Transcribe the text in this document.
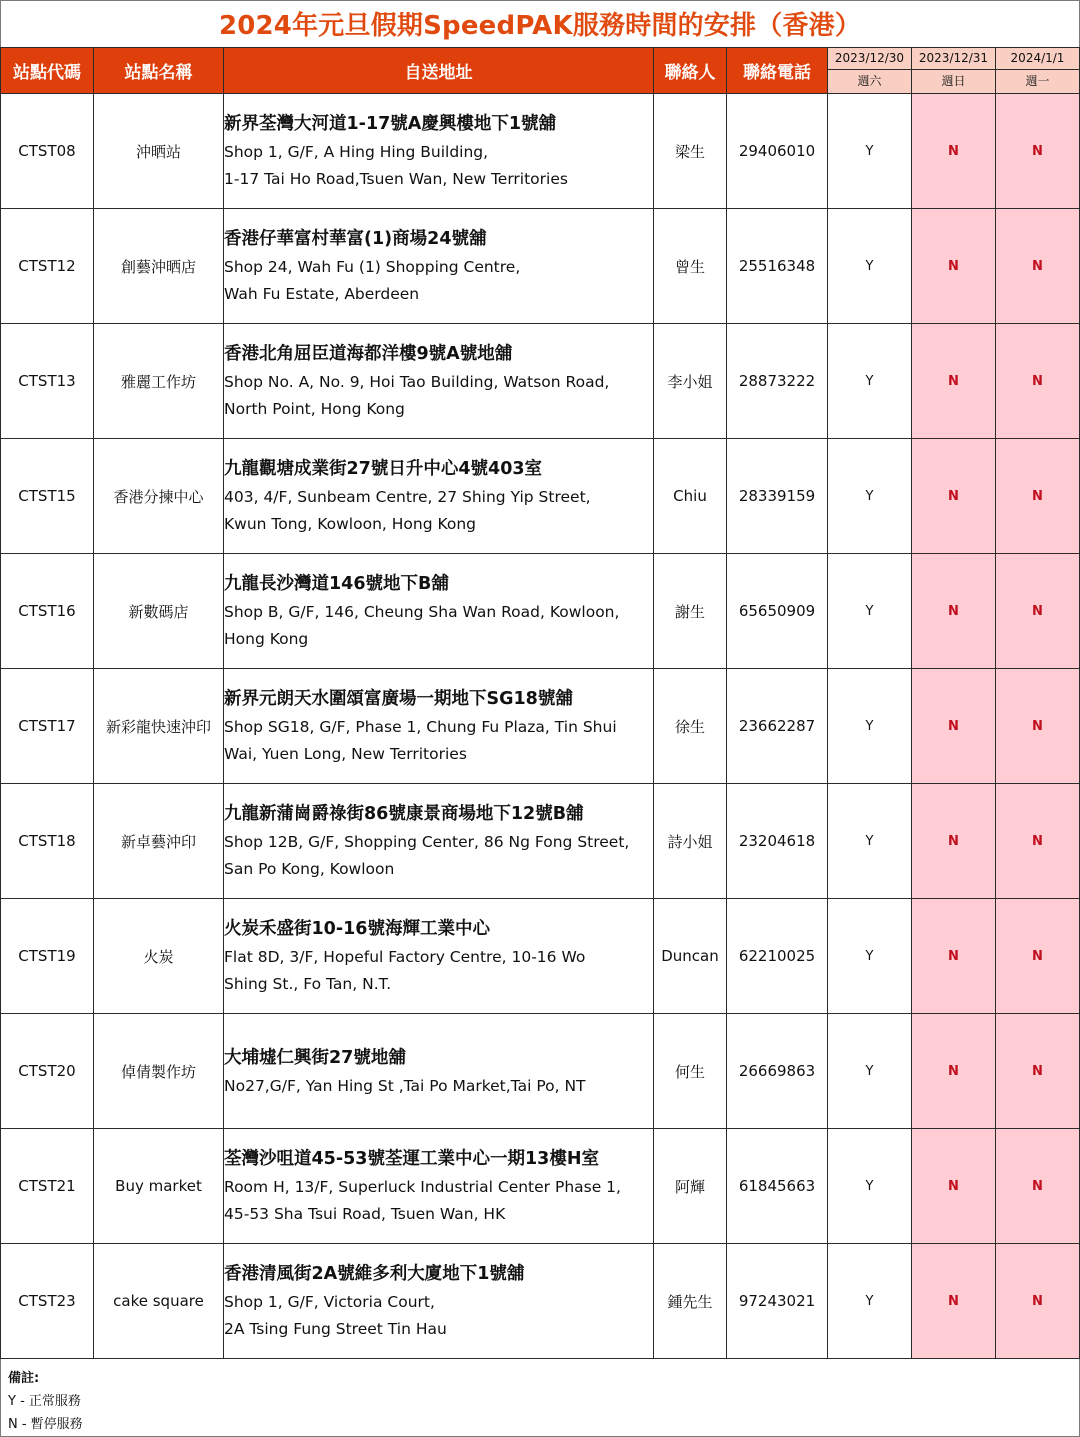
2024年元旦假期SpeedPAK服務時間的安排（香港）
站點代碼	站點名稱	自送地址	聯絡人	聯絡電話	2023/12/30	2023/12/31	2024/1/1
					週六	週日	週一
CTST08	沖晒站	新界荃灣大河道1-17號A慶興樓地下1號舖
Shop 1, G/F, A Hing Hing Building,
1-17 Tai Ho Road,Tsuen Wan, New Territories	梁生	29406010	Y	N	N
CTST12	創藝沖晒店	香港仔華富村華富(1)商場24號舖
Shop 24, Wah Fu (1) Shopping Centre,
Wah Fu Estate, Aberdeen	曾生	25516348	Y	N	N
CTST13	雅麗工作坊	香港北角屈臣道海都洋樓9號A號地舖
Shop No. A, No. 9, Hoi Tao Building, Watson Road,
North Point, Hong Kong	李小姐	28873222	Y	N	N
CTST15	香港分揀中心	九龍觀塘成業街27號日升中心4號403室
403, 4/F, Sunbeam Centre, 27 Shing Yip Street,
Kwun Tong, Kowloon, Hong Kong	Chiu	28339159	Y	N	N
CTST16	新數碼店	九龍長沙灣道146號地下B舖
Shop B, G/F, 146, Cheung Sha Wan Road, Kowloon,
Hong Kong	謝生	65650909	Y	N	N
CTST17	新彩龍快速沖印	新界元朗天水圍頌富廣場一期地下SG18號舖
Shop SG18, G/F, Phase 1, Chung Fu Plaza, Tin Shui
Wai, Yuen Long, New Territories	徐生	23662287	Y	N	N
CTST18	新卓藝沖印	九龍新蒲崗爵祿街86號康景商場地下12號B舖
Shop 12B, G/F, Shopping Center, 86 Ng Fong Street,
San Po Kong, Kowloon	詩小姐	23204618	Y	N	N
CTST19	火炭	火炭禾盛街10-16號海輝工業中心
Flat 8D, 3/F, Hopeful Factory Centre, 10-16 Wo
Shing St., Fo Tan, N.T.	Duncan	62210025	Y	N	N
CTST20	倬倩製作坊	大埔墟仁興街27號地舖
No27,G/F, Yan Hing St ,Tai Po Market,Tai Po, NT	何生	26669863	Y	N	N
CTST21	Buy market	荃灣沙咀道45-53號荃運工業中心一期13樓H室
Room H, 13/F, Superluck Industrial Center Phase 1,
45-53 Sha Tsui Road, Tsuen Wan, HK	阿輝	61845663	Y	N	N
CTST23	cake square	香港清風街2A號維多利大廈地下1號舖
Shop 1, G/F, Victoria Court,
2A Tsing Fung Street Tin Hau	鍾先生	97243021	Y	N	N
備註:
Y - 正常服務
N - 暫停服務
